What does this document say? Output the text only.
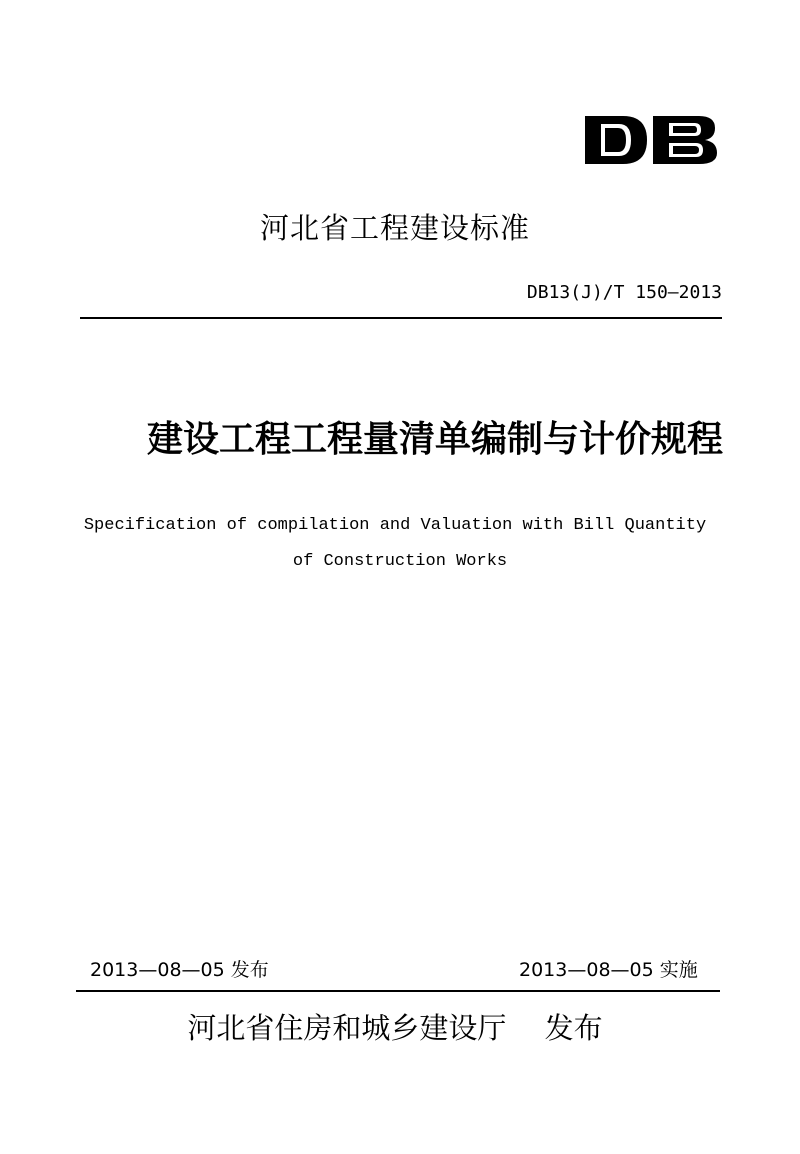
河北省工程建设标准
DB13(J)/T 150—2013
建设工程工程量清单编制与计价规程
Specification of compilation and Valuation with Bill Quantity
of Construction Works
2013—08—05 发布	2013—08—05 实施
河北省住房和城乡建设厅　 发布
